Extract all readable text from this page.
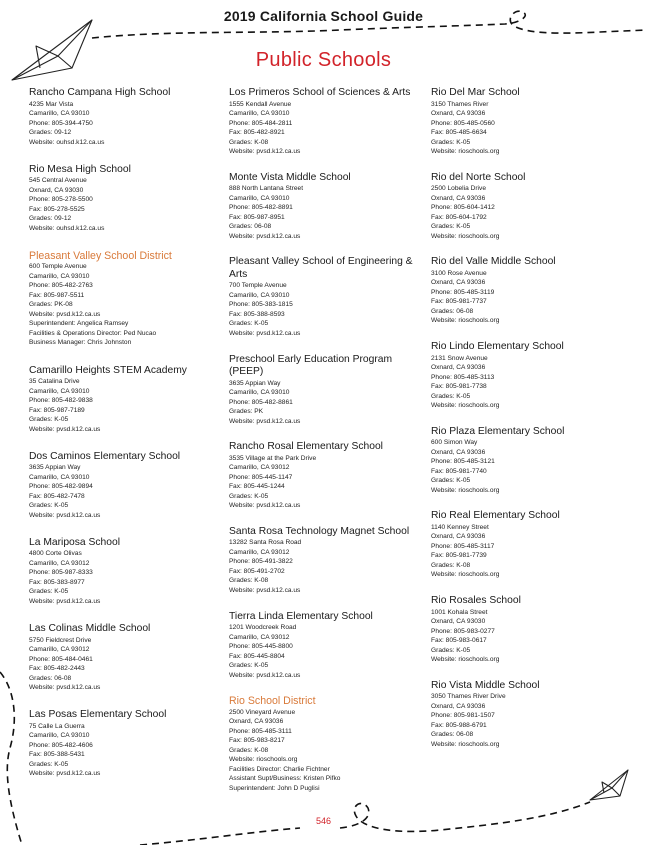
2019 California School Guide
Public Schools

Rancho Campana High School

4235 Mar Vista

Camarillo, CA 93010

Phone: 805-394-4750

Grades: 09-12

Website: ouhsd.k12.ca.us

Rio Mesa High School

545 Central Avenue

Oxnard, CA 93030

Phone: 805-278-5500

Fax: 805-278-5525

Grades: 09-12

Website: ouhsd.k12.ca.us

Pleasant Valley School District

600 Temple Avenue

Camarillo, CA 93010

Phone: 805-482-2763

Fax: 805-987-5511

Grades: PK-08

Website: pvsd.k12.ca.us

Superintendent: Angelica Ramsey

Facilities & Operations Director: Ped Nucao

Business Manager: Chris Johnston

Camarillo Heights STEM Academy

35 Catalina Drive

Camarillo, CA 93010

Phone: 805-482-9838

Fax: 805-987-7189

Grades: K-05

Website: pvsd.k12.ca.us

Dos Caminos Elementary School

3635 Appian Way

Camarillo, CA 93010

Phone: 805-482-9894

Fax: 805-482-7478

Grades: K-05

Website: pvsd.k12.ca.us

La Mariposa School

4800 Corte Olivas

Camarillo, CA 93012

Phone: 805-987-8333

Fax: 805-383-8977

Grades: K-05

Website: pvsd.k12.ca.us

Las Colinas Middle School

5750 Fieldcrest Drive

Camarillo, CA 93012

Phone: 805-484-0461

Fax: 805-482-2443

Grades: 06-08

Website: pvsd.k12.ca.us

Las Posas Elementary School

75 Calle La Guerra

Camarillo, CA 93010

Phone: 805-482-4606

Fax: 805-388-5431

Grades: K-05

Website: pvsd.k12.ca.us

Los Primeros School of Sciences & Arts

1555 Kendall Avenue

Camarillo, CA 93010

Phone: 805-484-2811

Fax: 805-482-8921

Grades: K-08

Website: pvsd.k12.ca.us

Monte Vista Middle School

888 North Lantana Street

Camarillo, CA 93010

Phone: 805-482-8891

Fax: 805-987-8951

Grades: 06-08

Website: pvsd.k12.ca.us

Pleasant Valley School of Engineering & Arts

700 Temple Avenue

Camarillo, CA 93010

Phone: 805-383-1815

Fax: 805-388-8593

Grades: K-05

Website: pvsd.k12.ca.us

Preschool Early Education Program (PEEP)

3635 Appian Way

Camarillo, CA 93010

Phone: 805-482-8861

Grades: PK

Website: pvsd.k12.ca.us

Rancho Rosal Elementary School

3535 Village at the Park Drive

Camarillo, CA 93012

Phone: 805-445-1147

Fax: 805-445-1244

Grades: K-05

Website: pvsd.k12.ca.us

Santa Rosa Technology Magnet School

13282 Santa Rosa Road

Camarillo, CA 93012

Phone: 805-491-3822

Fax: 805-491-2702

Grades: K-08

Website: pvsd.k12.ca.us

Tierra Linda Elementary School

1201 Woodcreek Road

Camarillo, CA 93012

Phone: 805-445-8800

Fax: 805-445-8804

Grades: K-05

Website: pvsd.k12.ca.us

Rio School District

2500 Vineyard Avenue

Oxnard, CA 93036

Phone: 805-485-3111

Fax: 805-983-8217

Grades: K-08

Website: rioschools.org

Facilities Director: Charlie Fichtner

Assistant Supt/Business: Kristen Pifko

Superintendent: John D Puglisi

Rio Del Mar School

3150 Thames River

Oxnard, CA 93036

Phone: 805-485-0560

Fax: 805-485-6634

Grades: K-05

Website: rioschools.org

Rio del Norte School

2500 Lobelia Drive

Oxnard, CA 93036

Phone: 805-604-1412

Fax: 805-604-1792

Grades: K-05

Website: rioschools.org

Rio del Valle Middle School

3100 Rose Avenue

Oxnard, CA 93036

Phone: 805-485-3119

Fax: 805-981-7737

Grades: 06-08

Website: rioschools.org

Rio Lindo Elementary School

2131 Snow Avenue

Oxnard, CA 93036

Phone: 805-485-3113

Fax: 805-981-7738

Grades: K-05

Website: rioschools.org

Rio Plaza Elementary School

600 Simon Way

Oxnard, CA 93036

Phone: 805-485-3121

Fax: 805-981-7740

Grades: K-05

Website: rioschools.org

Rio Real Elementary School

1140 Kenney Street

Oxnard, CA 93036

Phone: 805-485-3117

Fax: 805-981-7739

Grades: K-08

Website: rioschools.org

Rio Rosales School

1001 Kohala Street

Oxnard, CA 93030

Phone: 805-983-0277

Fax: 805-983-0617

Grades: K-05

Website: rioschools.org

Rio Vista Middle School

3050 Thames River Drive

Oxnard, CA 93036

Phone: 805-981-1507

Fax: 805-988-6791

Grades: 06-08

Website: rioschools.org

546
